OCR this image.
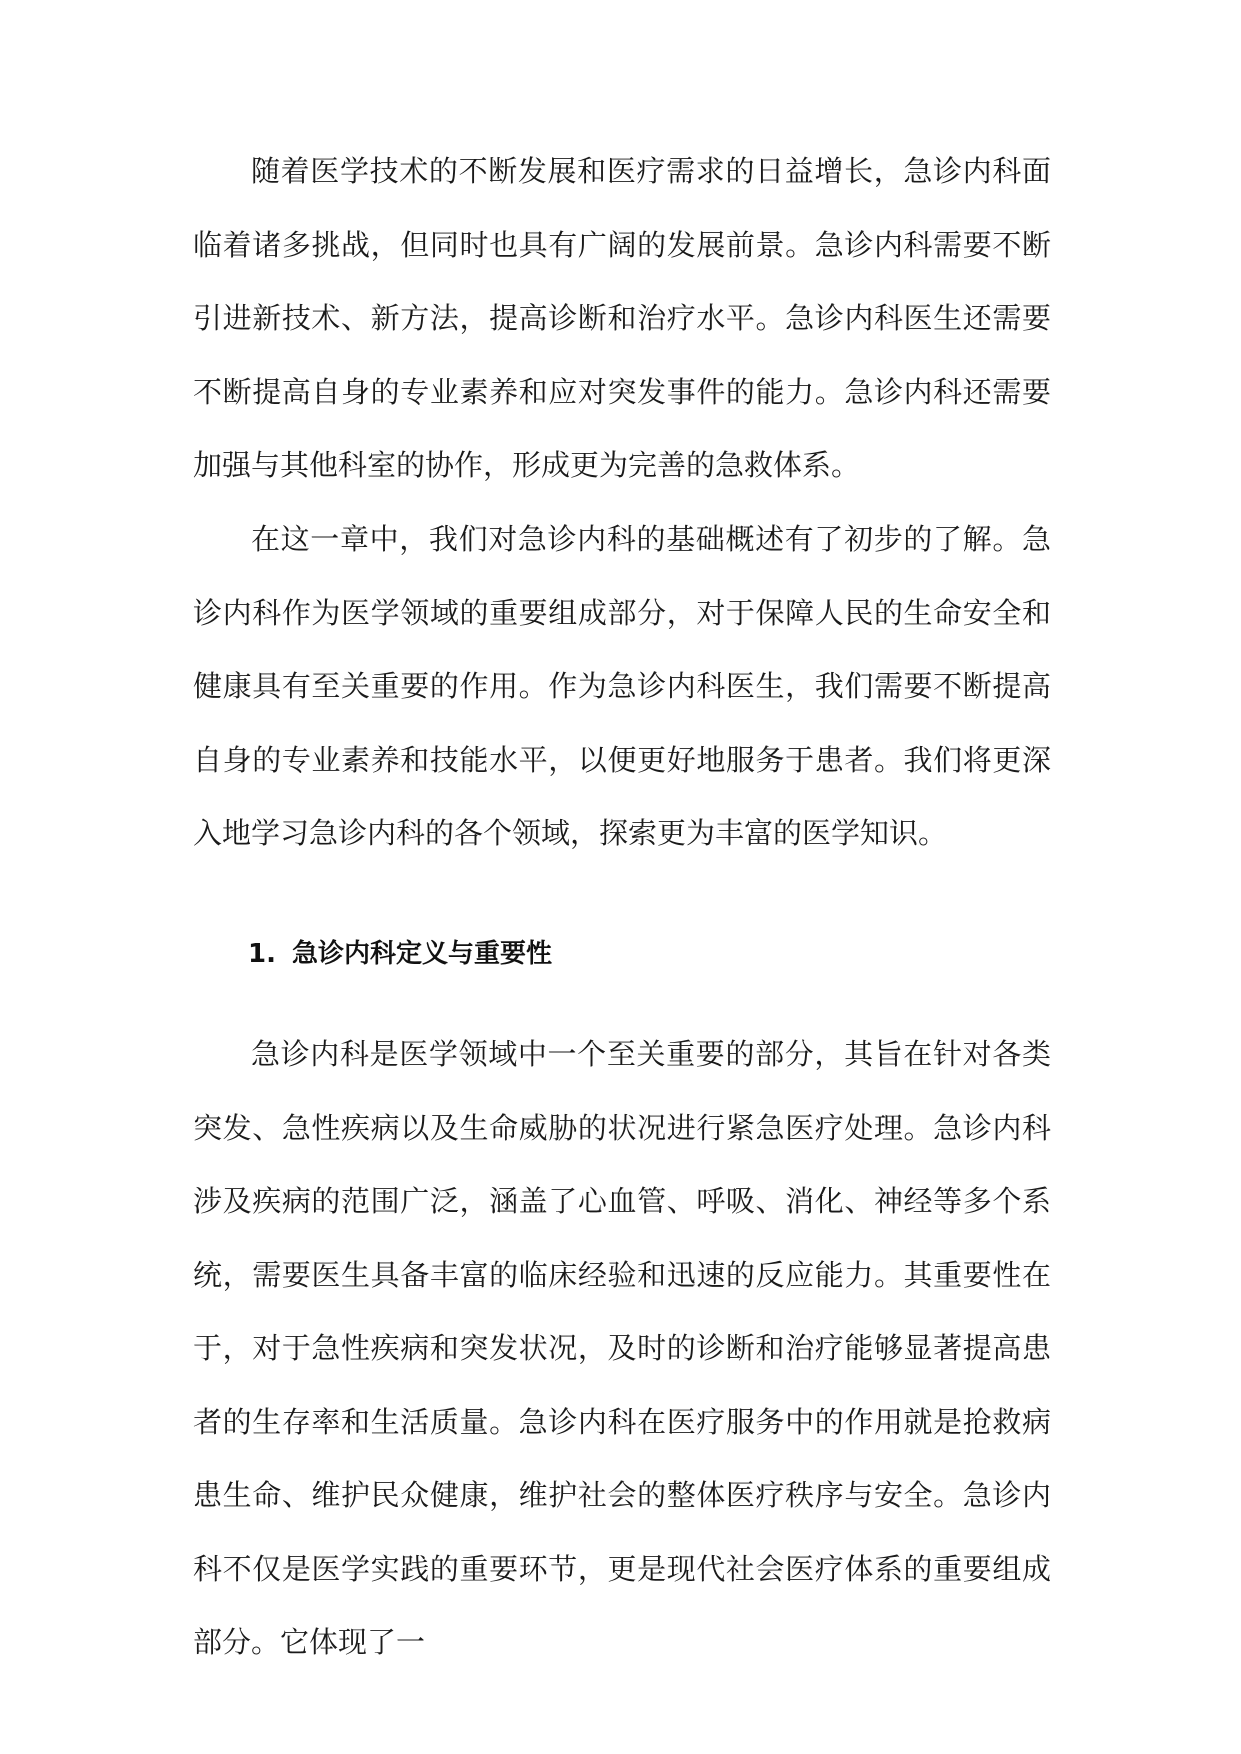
随着医学技术的不断发展和医疗需求的日益增长，急诊内科面临着诸多挑战，但同时也具有广阔的发展前景。急诊内科需要不断引进新技术、新方法，提高诊断和治疗水平。急诊内科医生还需要不断提高自身的专业素养和应对突发事件的能力。急诊内科还需要加强与其他科室的协作，形成更为完善的急救体系。

在这一章中，我们对急诊内科的基础概述有了初步的了解。急诊内科作为医学领域的重要组成部分，对于保障人民的生命安全和健康具有至关重要的作用。作为急诊内科医生，我们需要不断提高自身的专业素养和技能水平，以便更好地服务于患者。我们将更深入地学习急诊内科的各个领域，探索更为丰富的医学知识。

1. 急诊内科定义与重要性

急诊内科是医学领域中一个至关重要的部分，其旨在针对各类突发、急性疾病以及生命威胁的状况进行紧急医疗处理。急诊内科涉及疾病的范围广泛，涵盖了心血管、呼吸、消化、神经等多个系统，需要医生具备丰富的临床经验和迅速的反应能力。其重要性在于，对于急性疾病和突发状况，及时的诊断和治疗能够显著提高患者的生存率和生活质量。急诊内科在医疗服务中的作用就是抢救病患生命、维护民众健康，维护社会的整体医疗秩序与安全。急诊内科不仅是医学实践的重要环节，更是现代社会医疗体系的重要组成部分。它体现了一
